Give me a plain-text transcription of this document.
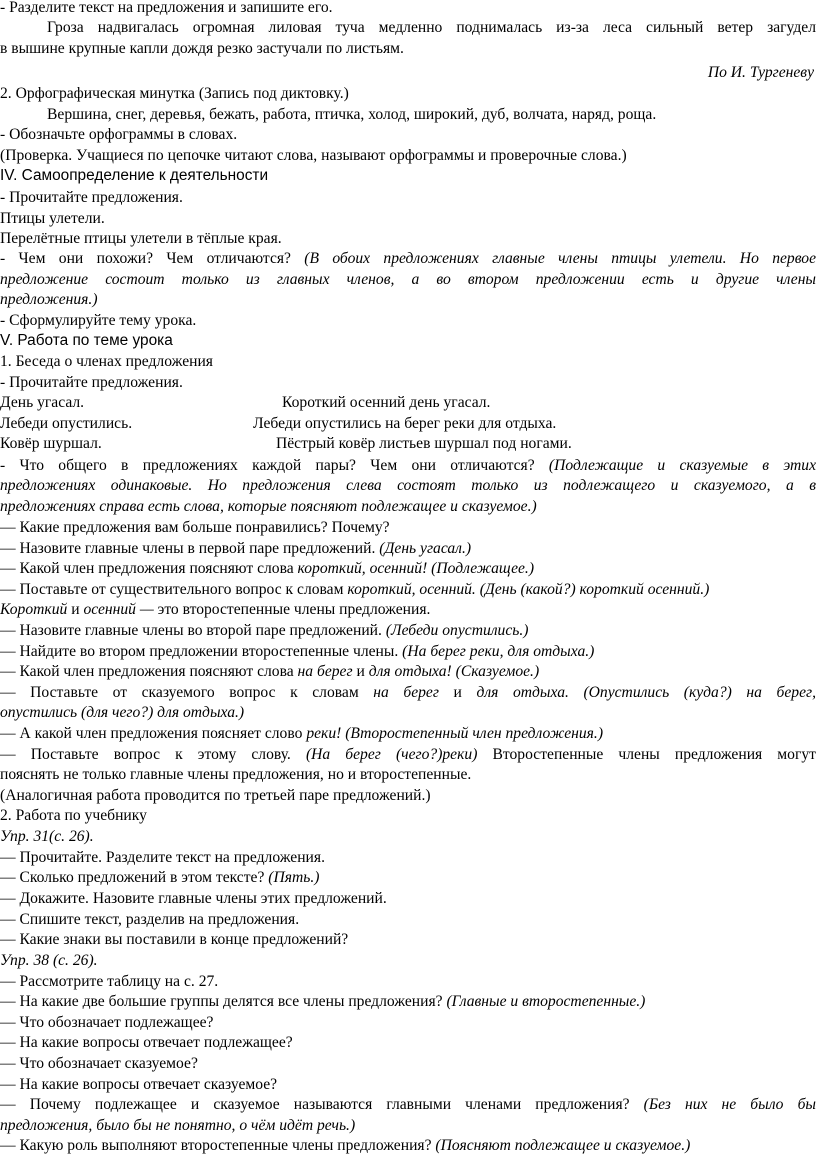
- Разделите текст на предложения и запишите его.
Гроза надвигалась огромная лиловая туча медленно поднималась из-за леса сильный ветер загудел
в вышине крупные капли дождя резко застучали по листьям.
По И. Тургеневу
2. Орфографическая минутка (Запись под диктовку.)
Вершина, снег, деревья, бежать, работа, птичка, холод, широкий, дуб, волчата, наряд, роща.
- Обозначьте орфограммы в словах.
(Проверка. Учащиеся по цепочке читают слова, называют орфограммы и проверочные слова.)
IV. Самоопределение к деятельности
- Прочитайте предложения.
Птицы улетели.
Перелётные птицы улетели в тёплые края.
- Чем они похожи? Чем отличаются? (В обоих предложениях главные члены птицы улетели. Но первое
предложение состоит только из главных членов, а во втором предложении есть и другие члены
предложения.)
- Сформулируйте тему урока.
V. Работа по теме урока
1. Беседа о членах предложения
- Прочитайте предложения.
День угасал.	Короткий осенний день угасал.
Лебеди опустились.	Лебеди опустились на берег реки для отдыха.
Ковёр шуршал.	Пёстрый ковёр листьев шуршал под ногами.
- Что общего в предложениях каждой пары? Чем они отличаются? (Подлежащие и сказуемые в этих
предложениях одинаковые. Но предложения слева состоят только из подлежащего и сказуемого, а в
предложениях справа есть слова, которые поясняют подлежащее и сказуемое.)
— Какие предложения вам больше понравились? Почему?
— Назовите главные члены в первой паре предложений. (День угасал.)
— Какой член предложения поясняют слова короткий, осенний! (Подлежащее.)
— Поставьте от существительного вопрос к словам короткий, осенний. (День (какой?) короткий осенний.)
Короткий и осенний — это второстепенные члены предложения.
— Назовите главные члены во второй паре предложений. (Лебеди опустились.)
— Найдите во втором предложении второстепенные члены. (На берег реки, для отдыха.)
— Какой член предложения поясняют слова на берег и для отдыха! (Сказуемое.)
— Поставьте от сказуемого вопрос к словам на берег и для отдыха. (Опустились (куда?) на берег,
опустились (для чего?) для отдыха.)
— А какой член предложения поясняет слово реки! (Второстепенный член предложения.)
— Поставьте вопрос к этому слову. (На берег (чего?)реки) Второстепенные члены предложения могут
пояснять не только главные члены предложения, но и второстепенные.
(Аналогичная работа проводится по третьей паре предложений.)
2. Работа по учебнику
Упр. 31(с. 26).
— Прочитайте. Разделите текст на предложения.
— Сколько предложений в этом тексте? (Пять.)
— Докажите. Назовите главные члены этих предложений.
— Спишите текст, разделив на предложения.
— Какие знаки вы поставили в конце предложений?
Упр. 38 (с. 26).
— Рассмотрите таблицу на с. 27.
— На какие две большие группы делятся все члены предложения? (Главные и второстепенные.)
— Что обозначает подлежащее?
— На какие вопросы отвечает подлежащее?
— Что обозначает сказуемое?
— На какие вопросы отвечает сказуемое?
— Почему подлежащее и сказуемое называются главными членами предложения? (Без них не было бы
предложения, было бы не понятно, о чём идёт речь.)
— Какую роль выполняют второстепенные члены предложения? (Поясняют подлежащее и сказуемое.)
